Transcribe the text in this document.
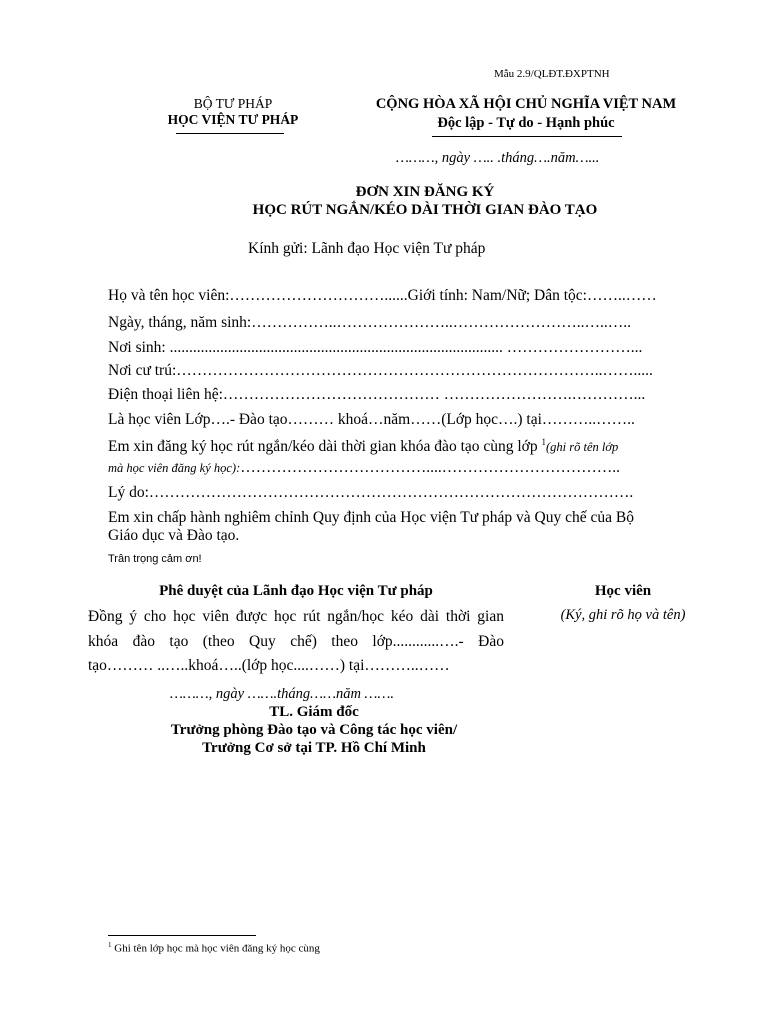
Mẫu 2.9/QLĐT.ĐXPTNH
BỘ TƯ PHÁP
HỌC VIỆN TƯ PHÁP
CỘNG HÒA XÃ HỘI CHỦ NGHĨA VIỆT NAM
Độc lập - Tự do - Hạnh phúc
………, ngày ….. .tháng….năm…...
ĐƠN XIN ĐĂNG KÝ
HỌC RÚT NGẮN/KÉO DÀI THỜI GIAN ĐÀO TẠO
Kính gửi: Lãnh đạo Học viện Tư pháp
Họ và tên học viên:…………………………......Giới tính: Nam/Nữ; Dân tộc:……..……
Ngày, tháng, năm sinh:……………..…………………..……………………..…..…..
Nơi sinh: ...................................................................................... ……………………...
Nơi cư trú:………………………………………………………………………..…….....
Điện thoại liên hệ:…………………………………… …………………….…………...
Là học viên Lớp….- Đào tạo……… khoá…năm……(Lớp học….) tại………..……..
Em xin đăng ký học rút ngắn/kéo dài thời gian khóa đào tạo cùng lớp $^1$(ghi rõ tên lớp
mà học viên đăng ký học):………………………………....……………………………..
Lý do:………………………………………………………………………………….
Em xin chấp hành nghiêm chỉnh Quy định của Học viện Tư pháp và Quy chế của Bộ
Giáo dục và Đào tạo.
Trân trọng cảm ơn!
Phê duyệt của Lãnh đạo Học viện Tư pháp
Đồng ý cho học viên được học rút ngắn/học kéo dài thời gian
khóa đào tạo (theo Quy chế) theo lớp............….- Đào
tạo……… ..…..khoá…..(lớp học....……) tại………..……
………, ngày …….tháng……năm …….
TL. Giám đốc
Trưởng phòng Đào tạo và Công tác học viên/
Trưởng Cơ sở tại TP. Hồ Chí Minh
Học viên
(Ký, ghi rõ họ và tên)
$^1$ Ghi tên lớp học mà học viên đăng ký học cùng
